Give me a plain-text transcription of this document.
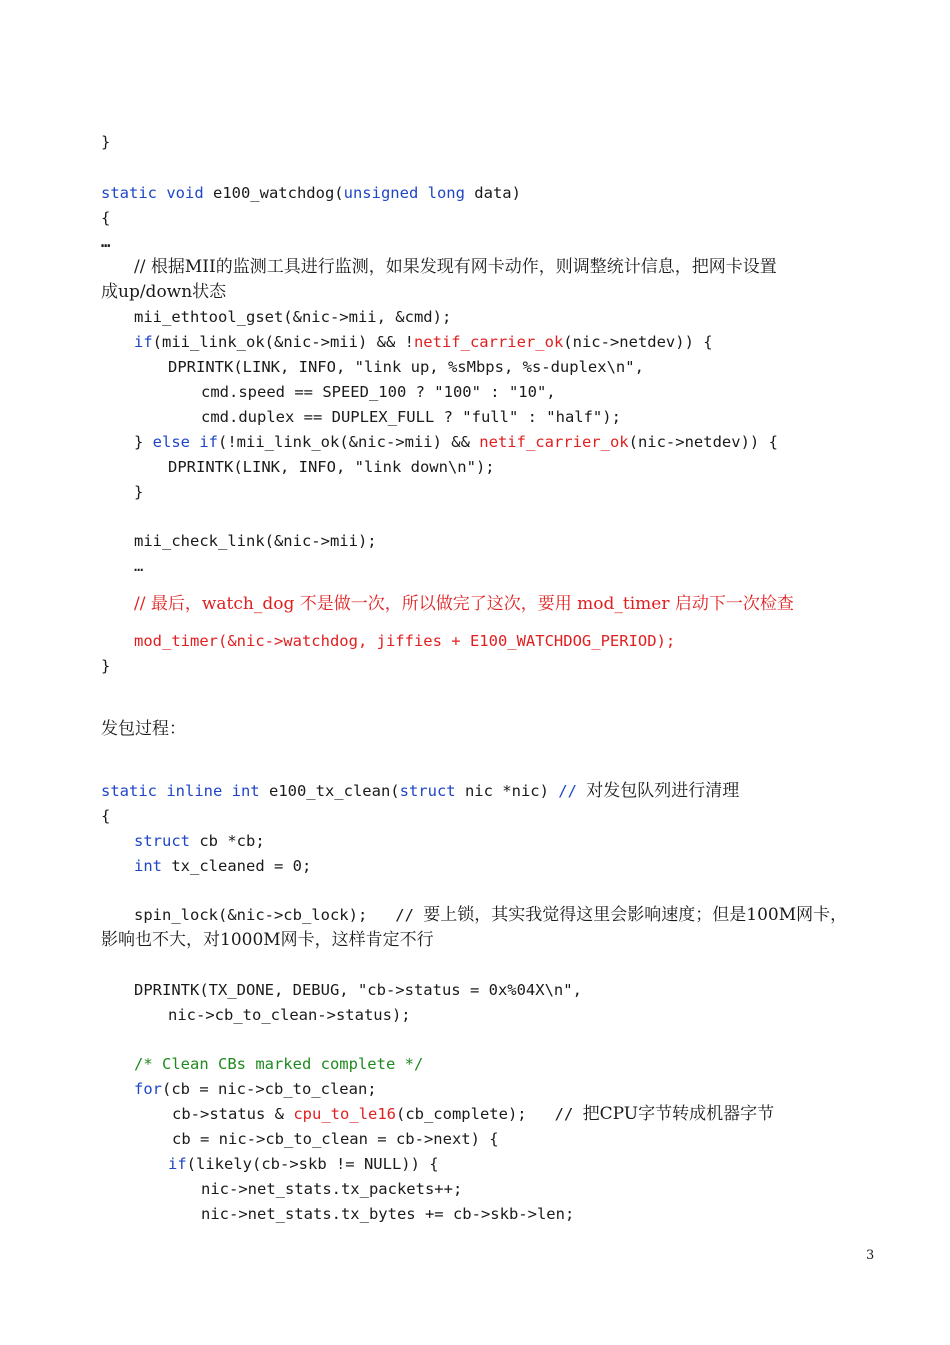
}
static void e100_watchdog(unsigned long data)
{
…
// 根据MII的监测工具进行监测，如果发现有网卡动作，则调整统计信息，把网卡设置
成up/down状态
mii_ethtool_gset(&nic->mii, &cmd);
if(mii_link_ok(&nic->mii) && !netif_carrier_ok(nic->netdev)) {
DPRINTK(LINK, INFO, "link up, %sMbps, %s-duplex\n",
cmd.speed == SPEED_100 ? "100" : "10",
cmd.duplex == DUPLEX_FULL ? "full" : "half");
} else if(!mii_link_ok(&nic->mii) && netif_carrier_ok(nic->netdev)) {
DPRINTK(LINK, INFO, "link down\n");
}
mii_check_link(&nic->mii);
…
// 最后，watch_dog 不是做一次，所以做完了这次，要用 mod_timer 启动下一次检查
mod_timer(&nic->watchdog, jiffies + E100_WATCHDOG_PERIOD);
}
发包过程：
static inline int e100_tx_clean(struct nic *nic) // 对发包队列进行清理
{
struct cb *cb;
int tx_cleaned = 0;
spin_lock(&nic->cb_lock);   // 要上锁，其实我觉得这里会影响速度；但是100M网卡，
影响也不大，对1000M网卡，这样肯定不行
DPRINTK(TX_DONE, DEBUG, "cb->status = 0x%04X\n",
nic->cb_to_clean->status);
/* Clean CBs marked complete */
for(cb = nic->cb_to_clean;
cb->status & cpu_to_le16(cb_complete);   // 把CPU字节转成机器字节
cb = nic->cb_to_clean = cb->next) {
if(likely(cb->skb != NULL)) {
nic->net_stats.tx_packets++;
nic->net_stats.tx_bytes += cb->skb->len;
3
